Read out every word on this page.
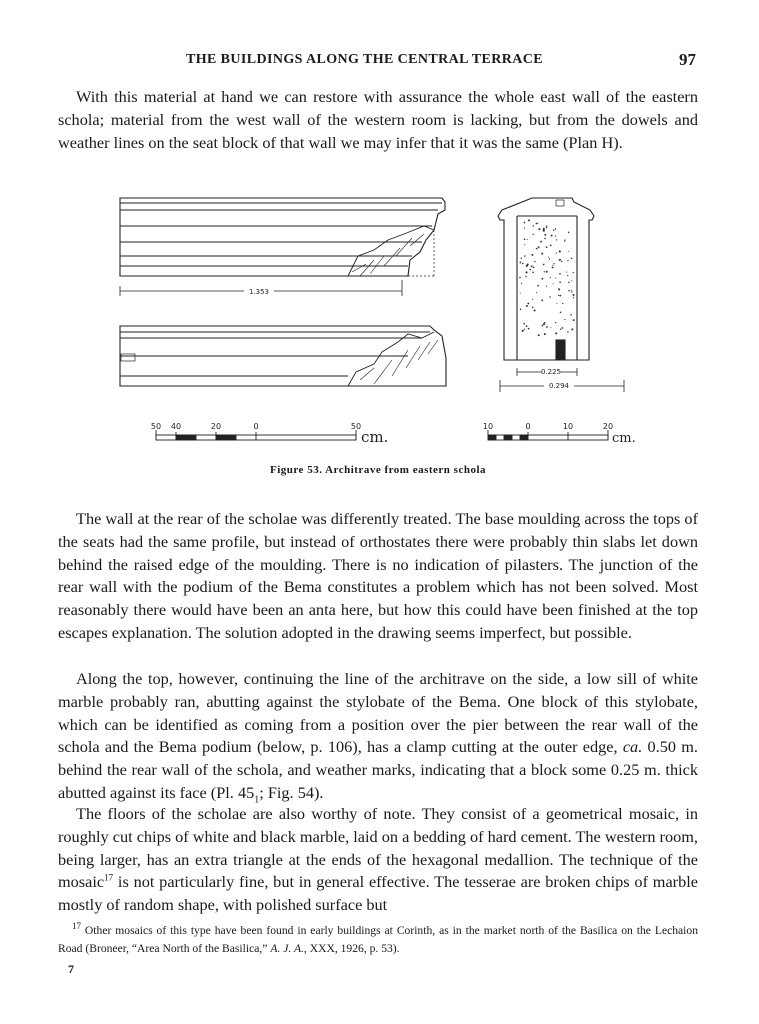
THE BUILDINGS ALONG THE CENTRAL TERRACE	97

With this material at hand we can restore with assurance the whole east wall of the eastern schola; material from the west wall of the western room is lacking, but from the dowels and weather lines on the seat block of that wall we may infer that it was the same (Plan H).

1.353
0.225
0.294
50 40	20	0	50
cm.
10	0	10	20
cm.
Figure 53. Architrave from eastern schola

The wall at the rear of the scholae was differently treated. The base moulding across the tops of the seats had the same profile, but instead of orthostates there were probably thin slabs let down behind the raised edge of the moulding. There is no indication of pilasters. The junction of the rear wall with the podium of the Bema constitutes a problem which has not been solved. Most reasonably there would have been an anta here, but how this could have been finished at the top escapes explanation. The solution adopted in the drawing seems imperfect, but possible.

Along the top, however, continuing the line of the architrave on the side, a low sill of white marble probably ran, abutting against the stylobate of the Bema. One block of this stylobate, which can be identified as coming from a position over the pier between the rear wall of the schola and the Bema podium (below, p. 106), has a clamp cutting at the outer edge, ca. 0.50 m. behind the rear wall of the schola, and weather marks, indicating that a block some 0.25 m. thick abutted against its face (Pl. $45_1$; Fig. 54).

The floors of the scholae are also worthy of note. They consist of a geometrical mosaic, in roughly cut chips of white and black marble, laid on a bedding of hard cement. The western room, being larger, has an extra triangle at the ends of the hexagonal medallion. The technique of the mosaic$^{17}$ is not particularly fine, but in general effective. The tesserae are broken chips of marble mostly of random shape, with polished surface but

$^{17}$ Other mosaics of this type have been found in early buildings at Corinth, as in the market north of the Basilica on the Lechaion Road (Broneer, “Area North of the Basilica,” A. J. A., XXX, 1926, p. 53).

7
